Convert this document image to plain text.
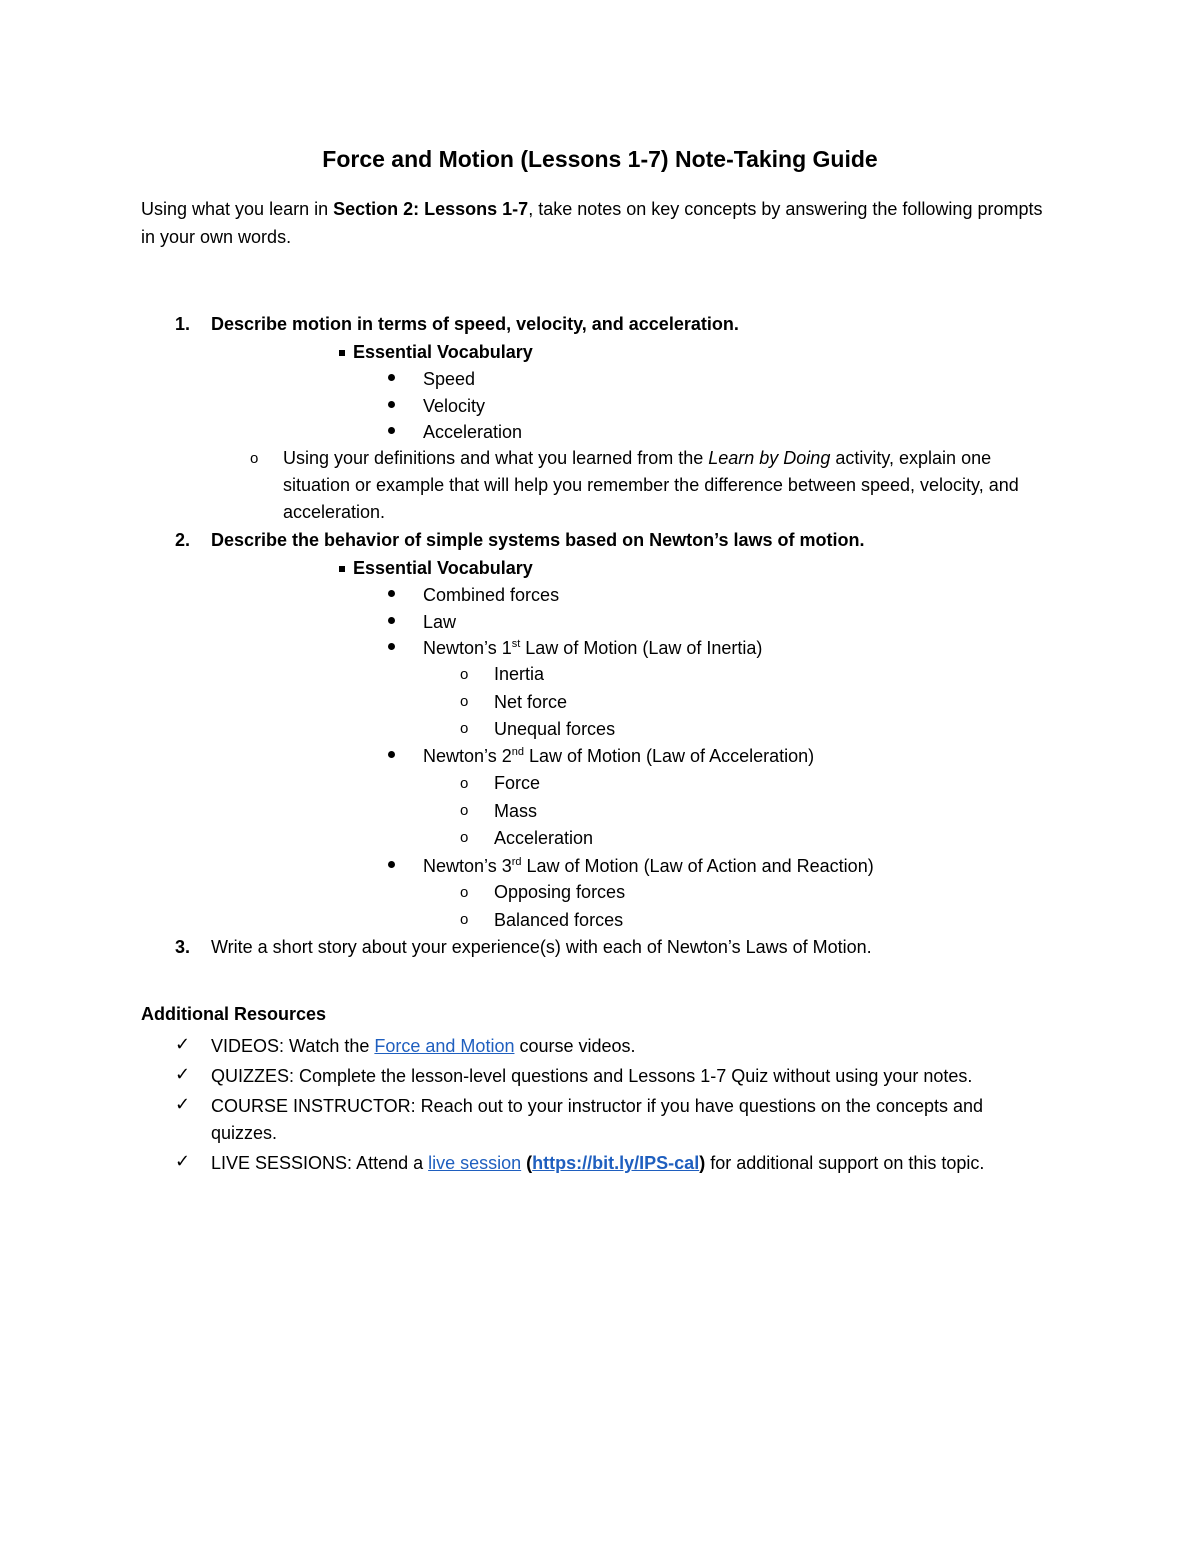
Force and Motion (Lessons 1-7) Note-Taking Guide
Using what you learn in Section 2: Lessons 1-7, take notes on key concepts by answering the following prompts in your own words.
1. Describe motion in terms of speed, velocity, and acceleration.
Essential Vocabulary
Speed
Velocity
Acceleration
o Using your definitions and what you learned from the Learn by Doing activity, explain one situation or example that will help you remember the difference between speed, velocity, and acceleration.
2. Describe the behavior of simple systems based on Newton’s laws of motion.
Essential Vocabulary
Combined forces
Law
Newton’s 1st Law of Motion (Law of Inertia)
o Inertia
o Net force
o Unequal forces
Newton’s 2nd Law of Motion (Law of Acceleration)
o Force
o Mass
o Acceleration
Newton’s 3rd Law of Motion (Law of Action and Reaction)
o Opposing forces
o Balanced forces
3. Write a short story about your experience(s) with each of Newton’s Laws of Motion.
Additional Resources
✓ VIDEOS: Watch the Force and Motion course videos.
✓ QUIZZES: Complete the lesson-level questions and Lessons 1-7 Quiz without using your notes.
✓ COURSE INSTRUCTOR: Reach out to your instructor if you have questions on the concepts and quizzes.
✓ LIVE SESSIONS: Attend a live session (https://bit.ly/IPS-cal) for additional support on this topic.
